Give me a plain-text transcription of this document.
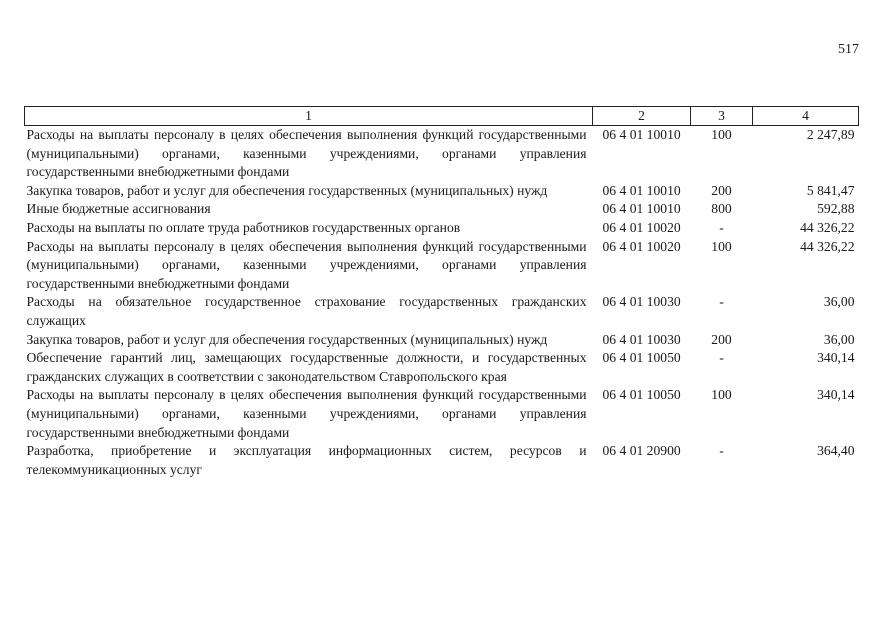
517
1	2	3	4
Расходы на выплаты персоналу в целях обеспечения выполнения функций государственными (муниципальными) органами, казенными учреждениями, органами управления государственными внебюджетными фондами	06 4 01 10010	100	2 247,89
Закупка товаров, работ и услуг для обеспечения государственных (муниципальных) нужд	06 4 01 10010	200	5 841,47
Иные бюджетные ассигнования	06 4 01 10010	800	592,88
Расходы на выплаты по оплате труда работников государственных органов	06 4 01 10020	-	44 326,22
Расходы на выплаты персоналу в целях обеспечения выполнения функций государственными (муниципальными) органами, казенными учреждениями, органами управления государственными внебюджетными фондами	06 4 01 10020	100	44 326,22
Расходы на обязательное государственное страхование государственных гражданских служащих	06 4 01 10030	-	36,00
Закупка товаров, работ и услуг для обеспечения государственных (муниципальных) нужд	06 4 01 10030	200	36,00
Обеспечение гарантий лиц, замещающих государственные должности, и государственных гражданских служащих в соответствии с законодательством Ставропольского края	06 4 01 10050	-	340,14
Расходы на выплаты персоналу в целях обеспечения выполнения функций государственными (муниципальными) органами, казенными учреждениями, органами управления государственными внебюджетными фондами	06 4 01 10050	100	340,14
Разработка, приобретение и эксплуатация информационных систем, ресурсов и телекоммуникационных услуг	06 4 01 20900	-	364,40
